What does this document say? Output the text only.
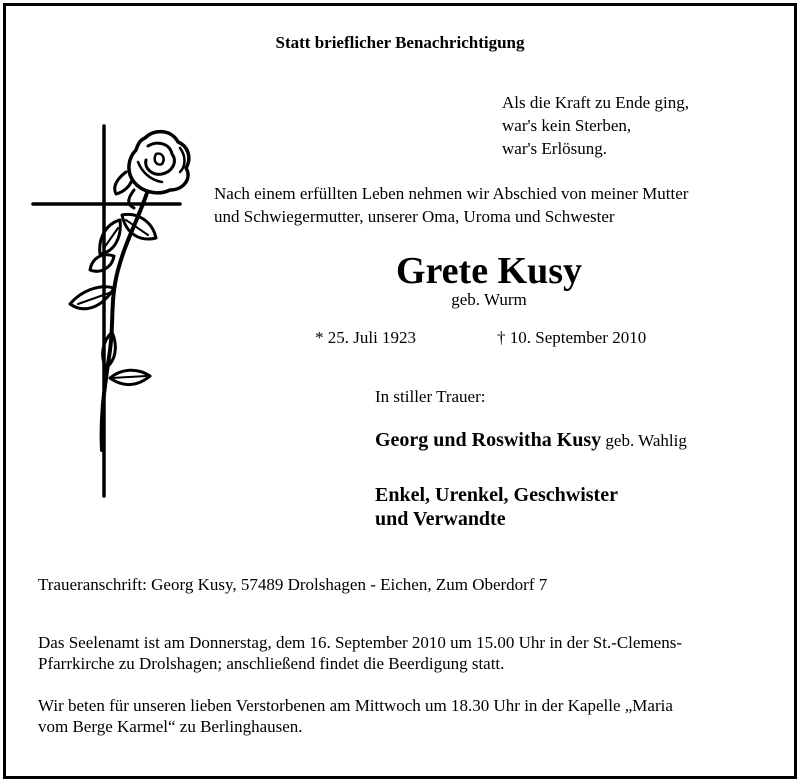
Statt brieflicher Benachrichtigung
Als die Kraft zu Ende ging,
war's kein Sterben,
war's Erlösung.
Nach einem erfüllten Leben nehmen wir Abschied von meiner Mutter
und Schwiegermutter, unserer Oma, Uroma und Schwester
Grete Kusy
geb. Wurm
* 25. Juli 1923	† 10. September 2010
In stiller Trauer:
Georg und Roswitha Kusy geb. Wahlig
Enkel, Urenkel, Geschwister
und Verwandte
Traueranschrift: Georg Kusy, 57489 Drolshagen - Eichen, Zum Oberdorf 7
Das Seelenamt ist am Donnerstag, dem 16. September 2010 um 15.00 Uhr in der St.-Clemens-
Pfarrkirche zu Drolshagen; anschließend findet die Beerdigung statt.
Wir beten für unseren lieben Verstorbenen am Mittwoch um 18.30 Uhr in der Kapelle „Maria
vom Berge Karmel“ zu Berlinghausen.
